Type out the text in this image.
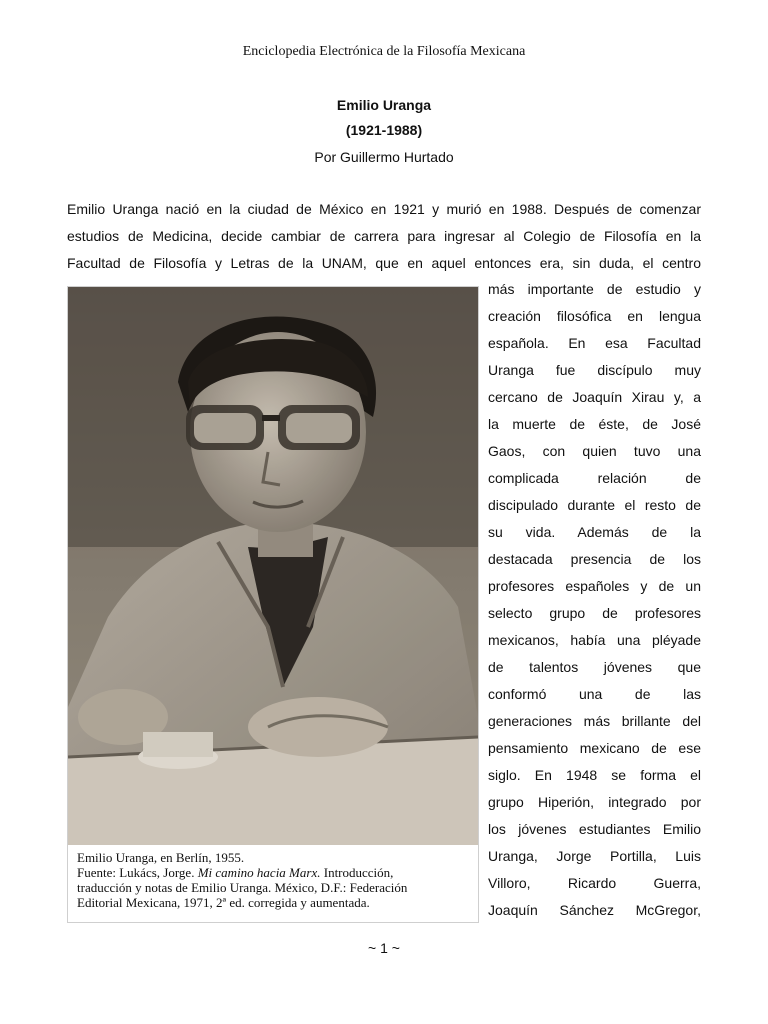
Enciclopedia Electrónica de la Filosofía Mexicana
Emilio Uranga
(1921-1988)
Por Guillermo Hurtado

Emilio Uranga nació en la ciudad de México en 1921 y murió en 1988. Después de comenzar

estudios de Medicina, decide cambiar de carrera para ingresar al Colegio de Filosofía en la

Facultad de Filosofía y Letras de la UNAM, que en aquel entonces era, sin duda, el centro

más importante de estudio y

creación filosófica en lengua

española. En esa Facultad

Uranga fue discípulo muy

cercano de Joaquín Xirau y, a

la muerte de éste, de José

Gaos, con quien tuvo una

complicada relación de

discipulado durante el resto de

su vida. Además de la

destacada presencia de los

profesores españoles y de un

selecto grupo de profesores

mexicanos, había una pléyade

de talentos jóvenes que

conformó una de las

generaciones más brillante del

pensamiento mexicano de ese

siglo. En 1948 se forma el

grupo Hiperión, integrado por

los jóvenes estudiantes Emilio

Uranga, Jorge Portilla, Luis

Villoro, Ricardo Guerra,

Joaquín Sánchez McGregor,

Emilio Uranga, en Berlín, 1955.
Fuente: Lukács, Jorge. Mi camino hacia Marx. Introducción,
traducción y notas de Emilio Uranga. México, D.F.: Federación
Editorial Mexicana, 1971, 2ª ed. corregida y aumentada.
~ 1 ~
